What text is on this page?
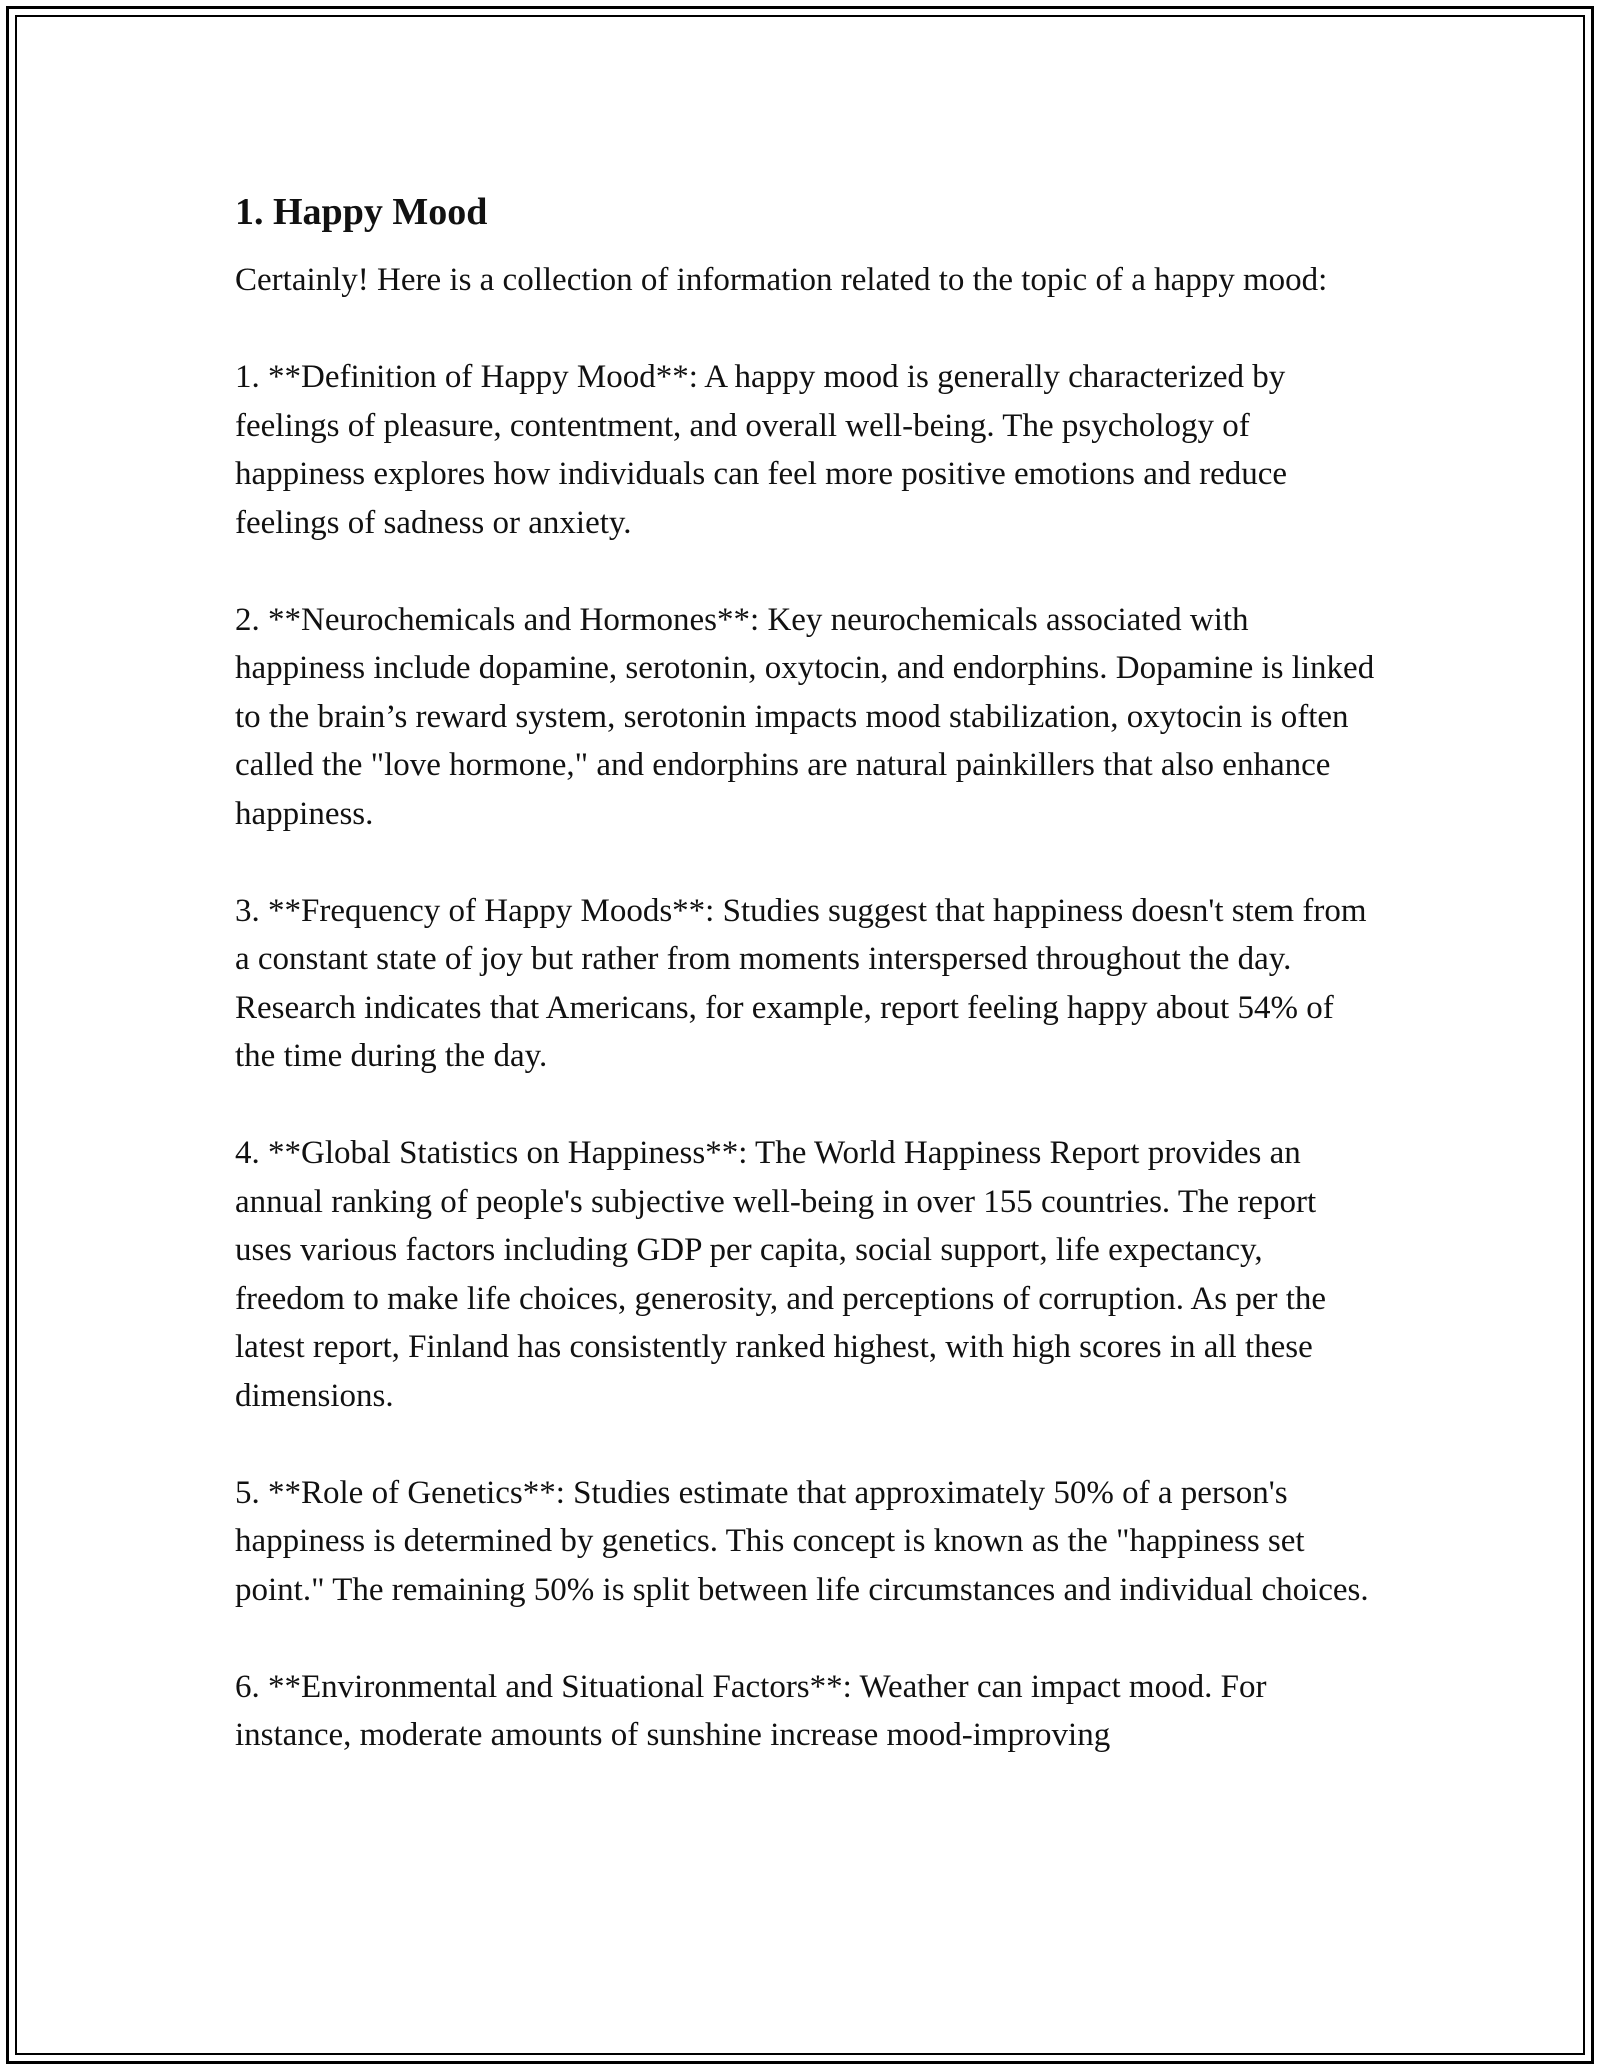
1. Happy Mood

Certainly! Here is a collection of information related to the topic of a happy mood:

1. **Definition of Happy Mood**: A happy mood is generally characterized by feelings of pleasure, contentment, and overall well-being. The psychology of happiness explores how individuals can feel more positive emotions and reduce feelings of sadness or anxiety.

2. **Neurochemicals and Hormones**: Key neurochemicals associated with happiness include dopamine, serotonin, oxytocin, and endorphins. Dopamine is linked to the brain’s reward system, serotonin impacts mood stabilization, oxytocin is often called the "love hormone," and endorphins are natural painkillers that also enhance happiness.

3. **Frequency of Happy Moods**: Studies suggest that happiness doesn't stem from a constant state of joy but rather from moments interspersed throughout the day. Research indicates that Americans, for example, report feeling happy about 54% of the time during the day.

4. **Global Statistics on Happiness**: The World Happiness Report provides an annual ranking of people's subjective well-being in over 155 countries. The report uses various factors including GDP per capita, social support, life expectancy, freedom to make life choices, generosity, and perceptions of corruption. As per the latest report, Finland has consistently ranked highest, with high scores in all these dimensions.

5. **Role of Genetics**: Studies estimate that approximately 50% of a person's happiness is determined by genetics. This concept is known as the "happiness set point." The remaining 50% is split between life circumstances and individual choices.

6. **Environmental and Situational Factors**: Weather can impact mood. For instance, moderate amounts of sunshine increase mood-improving
